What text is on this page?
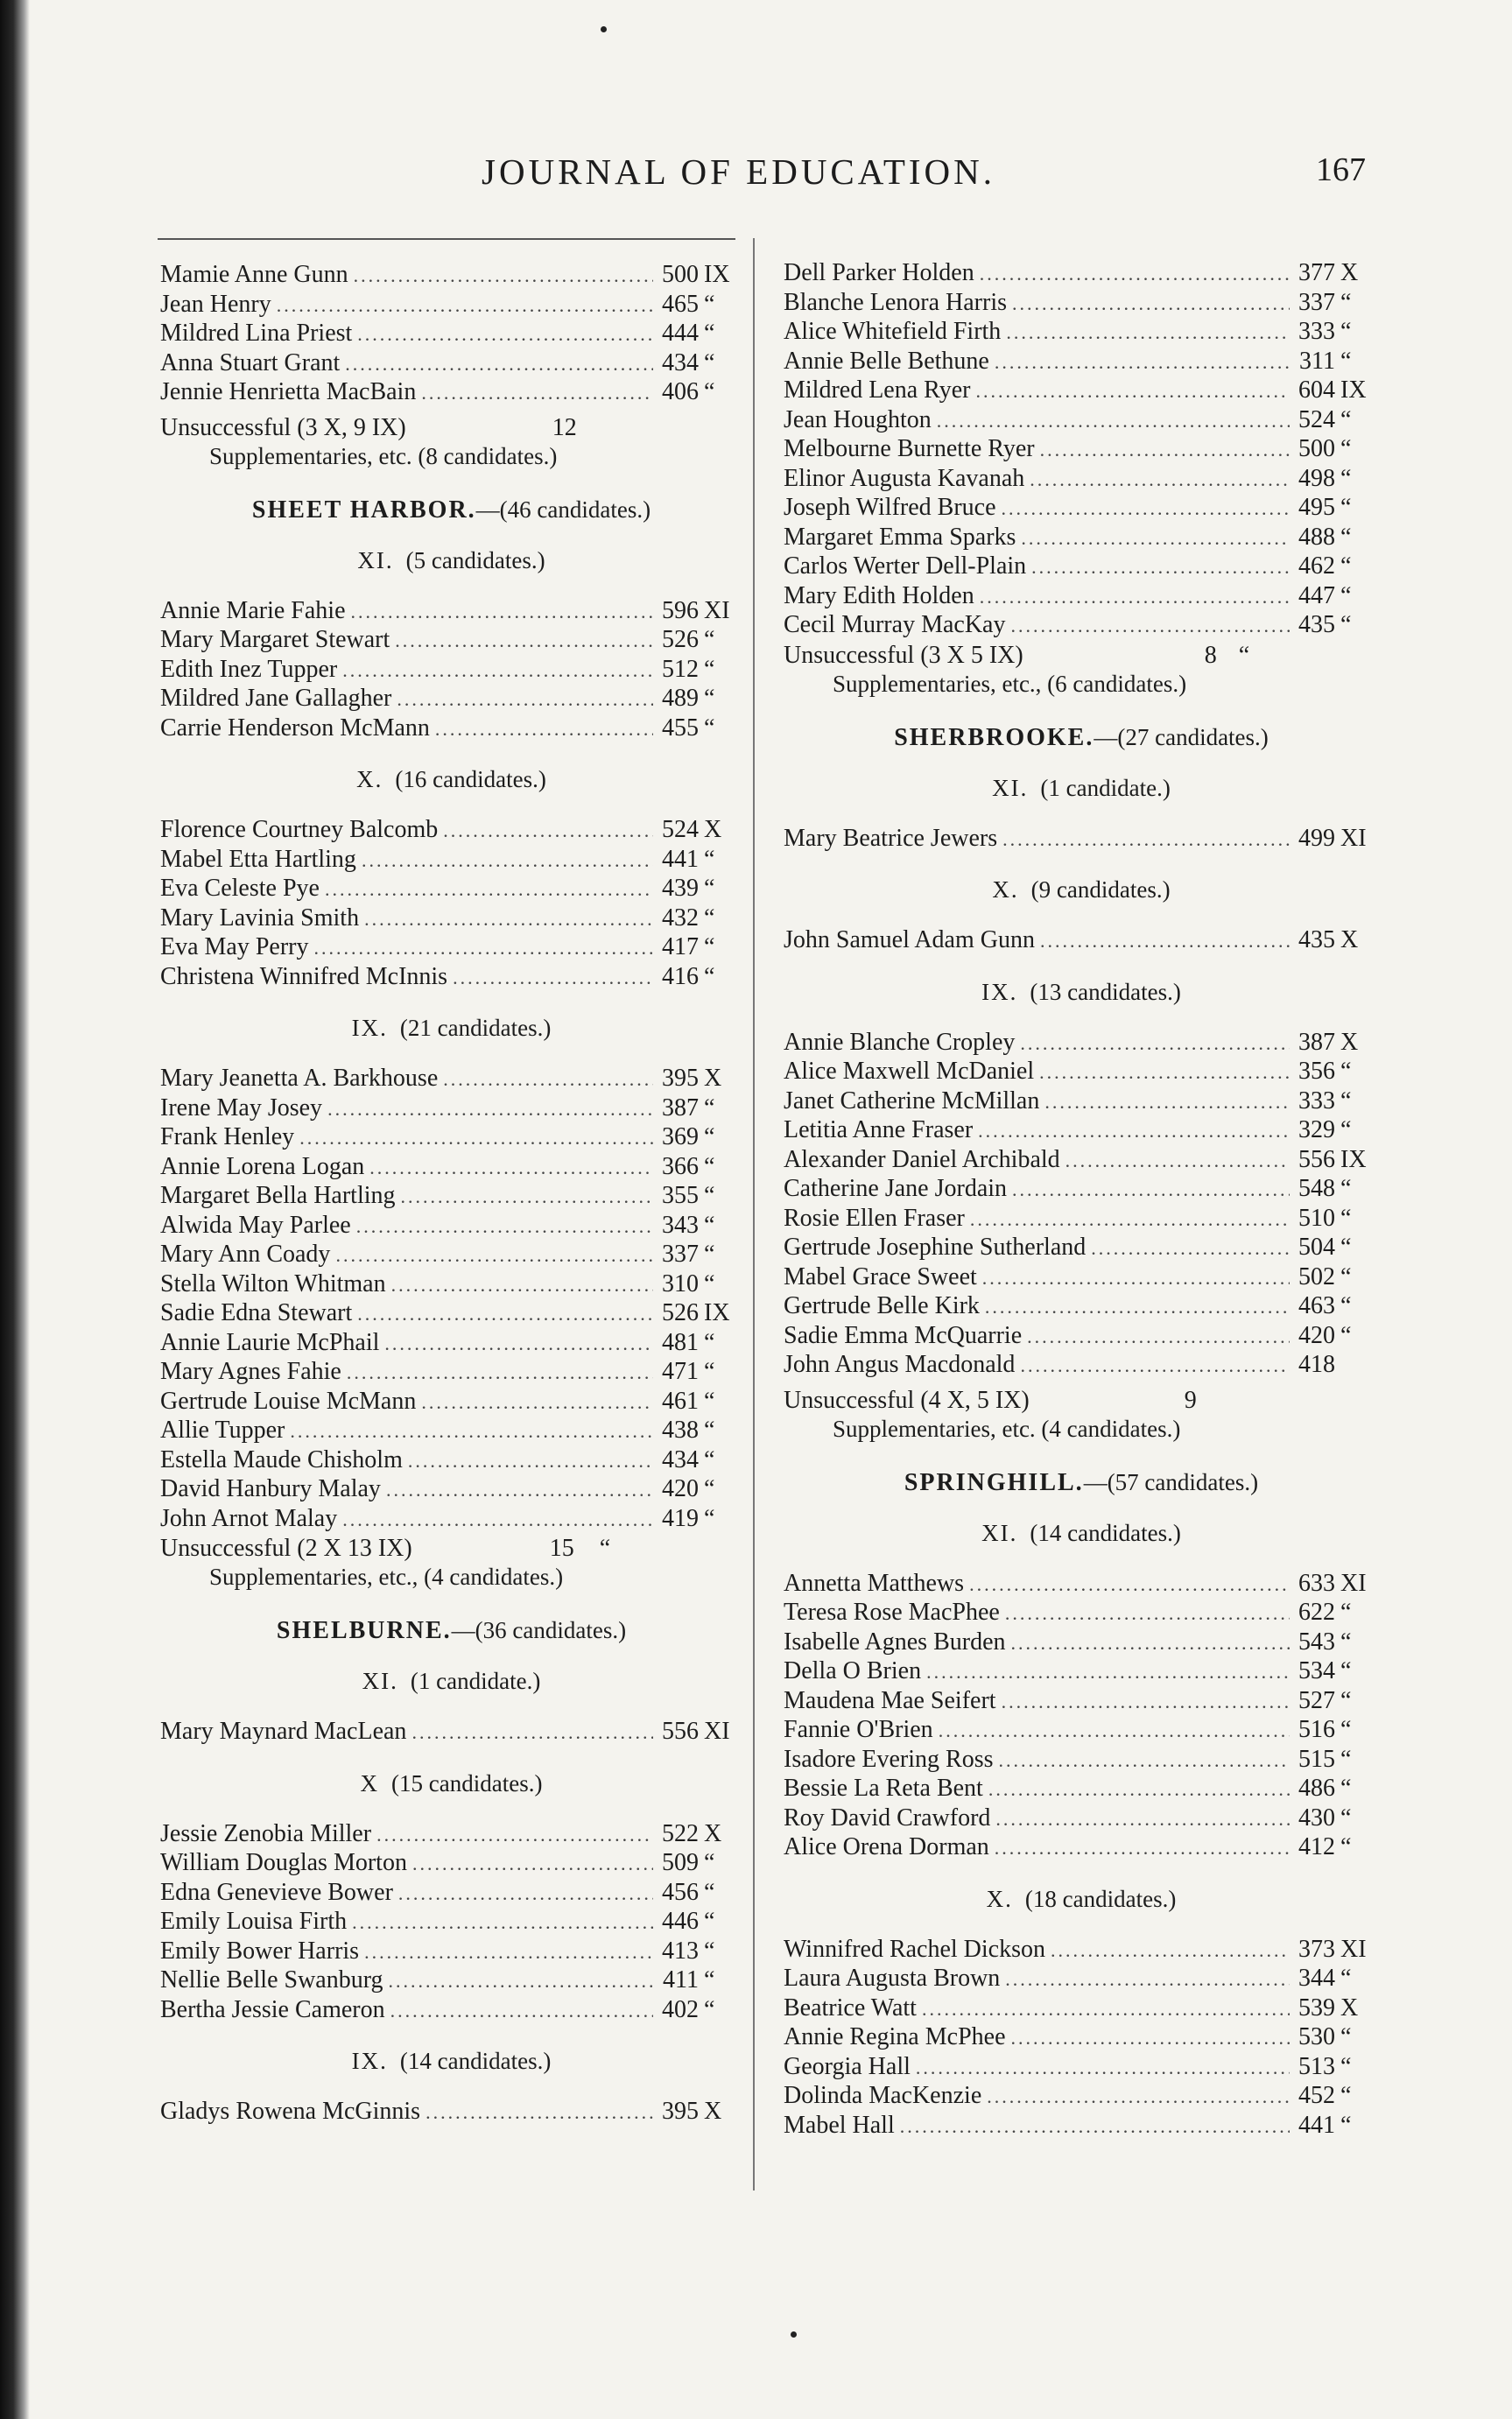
JOURNAL OF EDUCATION.	167
Mamie Anne Gunn .....	500 IX
Jean Henry .....	465 “
Mildred Lina Priest .....	444 “
Anna Stuart Grant .....	434 “
Jennie Henrietta MacBain .....	406 “
Unsuccessful (3 X, 9 IX)	12
Supplementaries, etc. (8 candidates.)
SHEET HARBOR.—(46 candidates.)
XI. (5 candidates.)
Annie Marie Fahie .....	596 XI
Mary Margaret Stewart .....	526 “
Edith Inez Tupper .....	512 “
Mildred Jane Gallagher .....	489 “
Carrie Henderson McMann .....	455 “
X. (16 candidates.)
Florence Courtney Balcomb .....	524 X
Mabel Etta Hartling .....	441 “
Eva Celeste Pye .....	439 “
Mary Lavinia Smith .....	432 “
Eva May Perry .....	417 “
Christena Winnifred McInnis .....	416 “
IX. (21 candidates.)
Mary Jeanetta A. Barkhouse .....	395 X
Irene May Josey .....	387 “
Frank Henley .....	369 “
Annie Lorena Logan .....	366 “
Margaret Bella Hartling .....	355 “
Alwida May Parlee .....	343 “
Mary Ann Coady .....	337 “
Stella Wilton Whitman .....	310 “
Sadie Edna Stewart .....	526 IX
Annie Laurie McPhail .....	481 “
Mary Agnes Fahie .....	471 “
Gertrude Louise McMann .....	461 “
Allie Tupper .....	438 “
Estella Maude Chisholm .....	434 “
David Hanbury Malay .....	420 “
John Arnot Malay .....	419 “
Unsuccessful (2 X 13 IX)	15 “
Supplementaries, etc., (4 candidates.)
SHELBURNE.—(36 candidates.)
XI. (1 candidate.)
Mary Maynard MacLean .....	556 XI
X (15 candidates.)
Jessie Zenobia Miller .....	522 X
William Douglas Morton .....	509 “
Edna Genevieve Bower .....	456 “
Emily Louisa Firth .....	446 “
Emily Bower Harris .....	413 “
Nellie Belle Swanburg .....	411 “
Bertha Jessie Cameron .....	402 “
IX. (14 candidates.)
Gladys Rowena McGinnis .....	395 X
Dell Parker Holden .....	377 X
Blanche Lenora Harris .....	337 “
Alice Whitefield Firth .....	333 “
Annie Belle Bethune .....	311 “
Mildred Lena Ryer .....	604 IX
Jean Houghton .....	524 “
Melbourne Burnette Ryer .....	500 “
Elinor Augusta Kavanah .....	498 “
Joseph Wilfred Bruce .....	495 “
Margaret Emma Sparks .....	488 “
Carlos Werter Dell-Plain .....	462 “
Mary Edith Holden .....	447 “
Cecil Murray MacKay .....	435 “
Unsuccessful (3 X 5 IX)	8 “
Supplementaries, etc., (6 candidates.)
SHERBROOKE.—(27 candidates.)
XI. (1 candidate.)
Mary Beatrice Jewers .....	499 XI
X. (9 candidates.)
John Samuel Adam Gunn .....	435 X
IX. (13 candidates.)
Annie Blanche Cropley .....	387 X
Alice Maxwell McDaniel .....	356 “
Janet Catherine McMillan .....	333 “
Letitia Anne Fraser .....	329 “
Alexander Daniel Archibald .....	556 IX
Catherine Jane Jordain .....	548 “
Rosie Ellen Fraser .....	510 “
Gertrude Josephine Sutherland .....	504 “
Mabel Grace Sweet .....	502 “
Gertrude Belle Kirk .....	463 “
Sadie Emma McQuarrie .....	420 “
John Angus Macdonald .....	418
Unsuccessful (4 X, 5 IX)	9
Supplementaries, etc. (4 candidates.)
SPRINGHILL.—(57 candidates.)
XI. (14 candidates.)
Annetta Matthews .....	633 XI
Teresa Rose MacPhee .....	622 “
Isabelle Agnes Burden .....	543 “
Della O Brien .....	534 “
Maudena Mae Seifert .....	527 “
Fannie O'Brien .....	516 “
Isadore Evering Ross .....	515 “
Bessie La Reta Bent .....	486 “
Roy David Crawford .....	430 “
Alice Orena Dorman .....	412 “
X. (18 candidates.)
Winnifred Rachel Dickson .....	373 XI
Laura Augusta Brown .....	344 “
Beatrice Watt .....	539 X
Annie Regina McPhee .....	530 “
Georgia Hall .....	513 “
Dolinda MacKenzie .....	452 “
Mabel Hall .....	441 “
